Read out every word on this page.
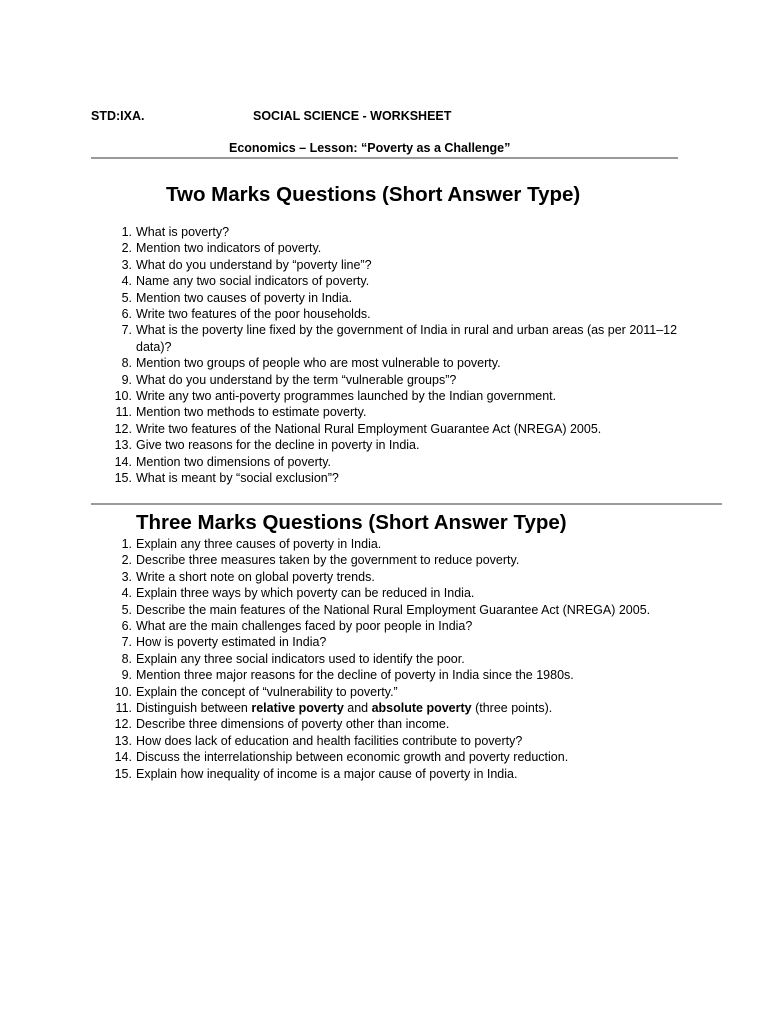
STD:IXA.	SOCIAL SCIENCE - WORKSHEET
Economics – Lesson: “Poverty as a Challenge”
Two Marks Questions (Short Answer Type)
1. What is poverty?
2. Mention two indicators of poverty.
3. What do you understand by “poverty line”?
4. Name any two social indicators of poverty.
5. Mention two causes of poverty in India.
6. Write two features of the poor households.
7. What is the poverty line fixed by the government of India in rural and urban areas (as per 2011–12 data)?
8. Mention two groups of people who are most vulnerable to poverty.
9. What do you understand by the term “vulnerable groups”?
10. Write any two anti-poverty programmes launched by the Indian government.
11. Mention two methods to estimate poverty.
12. Write two features of the National Rural Employment Guarantee Act (NREGA) 2005.
13. Give two reasons for the decline in poverty in India.
14. Mention two dimensions of poverty.
15. What is meant by “social exclusion”?
Three Marks Questions (Short Answer Type)
1. Explain any three causes of poverty in India.
2. Describe three measures taken by the government to reduce poverty.
3. Write a short note on global poverty trends.
4. Explain three ways by which poverty can be reduced in India.
5. Describe the main features of the National Rural Employment Guarantee Act (NREGA) 2005.
6. What are the main challenges faced by poor people in India?
7. How is poverty estimated in India?
8. Explain any three social indicators used to identify the poor.
9. Mention three major reasons for the decline of poverty in India since the 1980s.
10. Explain the concept of “vulnerability to poverty.”
11. Distinguish between relative poverty and absolute poverty (three points).
12. Describe three dimensions of poverty other than income.
13. How does lack of education and health facilities contribute to poverty?
14. Discuss the interrelationship between economic growth and poverty reduction.
15. Explain how inequality of income is a major cause of poverty in India.
